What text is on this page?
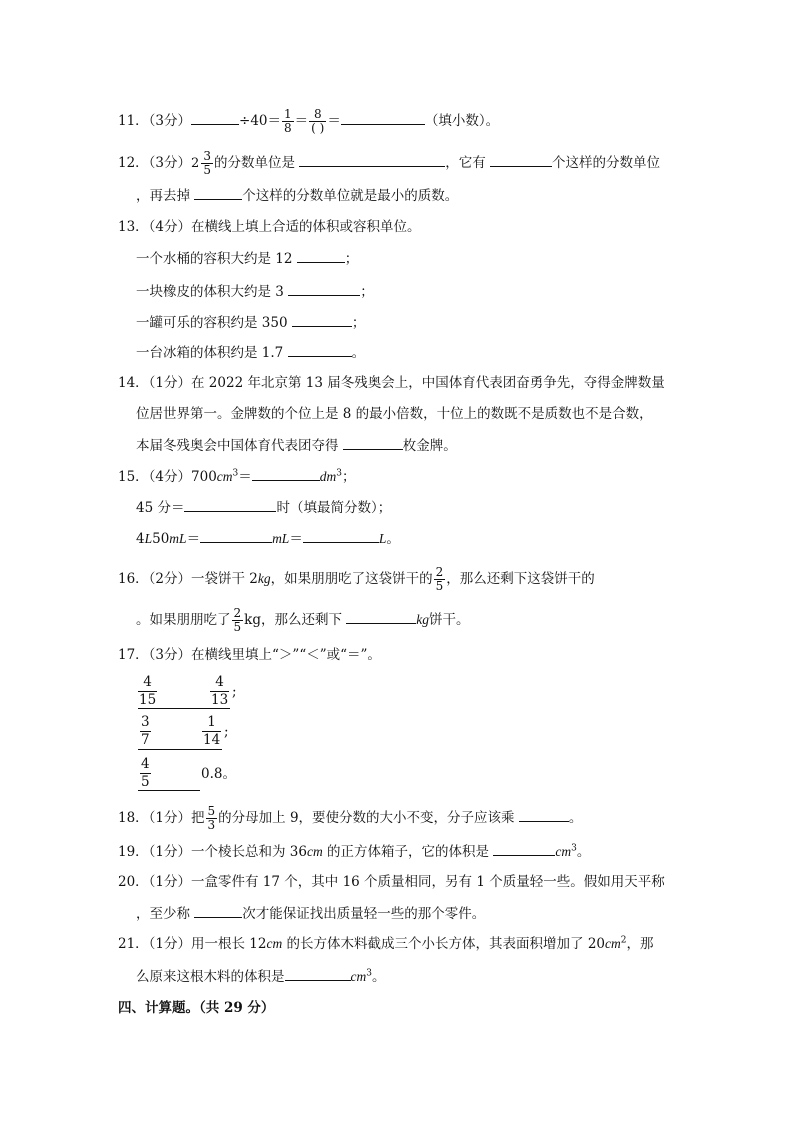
11．（3分）	$\div 40= \frac{1}{8} = \frac{8}{( )}$ ＝	（填小数）。
12．（3分） $2 \frac{3}{5}$ 的分数单位是	，它有	个这样的分数单位
，再去掉	个这样的分数单位就是最小的质数。
13．（4分）在横线上填上合适的体积或容积单位。
一个水桶的容积大约是 12	；
一块橡皮的体积大约是 3	；
一罐可乐的容积约是 350	；
一台冰箱的体积约是 1.7	。
14．（1分）在 2022 年北京第 13 届冬残奥会上，中国体育代表团奋勇争先，夺得金牌数量
位居世界第一。金牌数的个位上是 8 的最小倍数，十位上的数既不是质数也不是合数，
本届冬残奥会中国体育代表团夺得	枚金牌。
15．（4分）$700cm^3=$	$dm^3$；
45 分＝	时（填最简分数）；
4L50mL＝	mL＝	L。
16．（2分）一袋饼干 2kg，如果朋朋吃了这袋饼干的 $\frac{2}{5}$ ，那么还剩下这袋饼干的
。如果朋朋吃了 $\frac{2}{5}$ kg，那么还剩下	kg饼干。
17．（3分）在横线里填上“＞”“＜”或“＝”。
$\frac{4}{15}$	$\frac{4}{13}$ ;
$\frac{3}{7}$	$\frac{1}{14}$ ;
$\frac{4}{5}$	0.8。
18．（1分）把 $\frac{5}{3}$ 的分母加上 9，要使分数的大小不变，分子应该乘	。
19．（1分）一个棱长总和为 36cm 的正方体箱子，它的体积是	$cm^3$。
20．（1分）一盒零件有 17 个，其中 16 个质量相同，另有 1 个质量轻一些。假如用天平称
，至少称	次才能保证找出质量轻一些的那个零件。
21．（1分）用一根长 12cm 的长方体木料截成三个小长方体，其表面积增加了 $20cm^2$，那
么原来这根木料的体积是	$cm^3$。
四、计算题。（共 29 分）
